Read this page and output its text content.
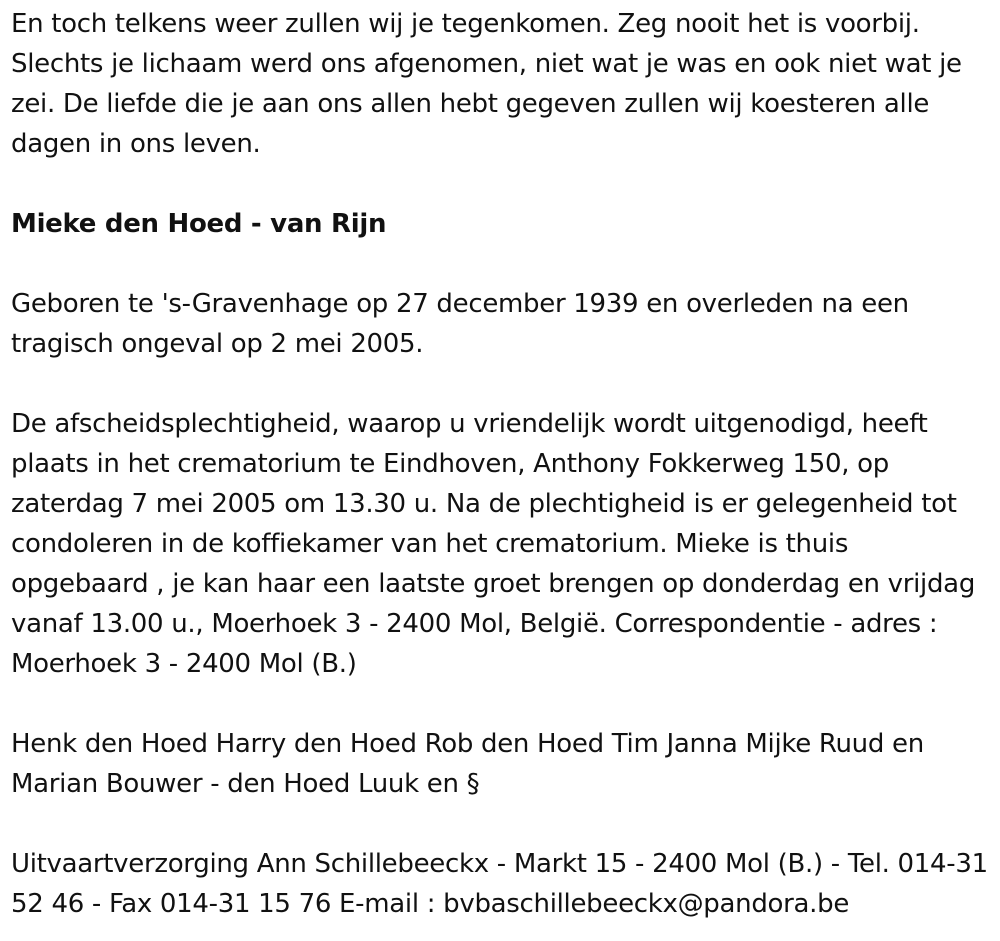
En toch telkens weer zullen wij je tegenkomen. Zeg nooit het is voorbij. Slechts je lichaam werd ons afgenomen, niet wat je was en ook niet wat je zei. De liefde die je aan ons allen hebt gegeven zullen wij koesteren alle dagen in ons leven.

Mieke den Hoed - van Rijn

Geboren te 's-Gravenhage op 27 december 1939 en overleden na een tragisch ongeval op 2 mei 2005.

De afscheidsplechtigheid, waarop u vriendelijk wordt uitgenodigd, heeft plaats in het crematorium te Eindhoven, Anthony Fokkerweg 150, op zaterdag 7 mei 2005 om 13.30 u. Na de plechtigheid is er gelegenheid tot condoleren in de koffiekamer van het crematorium. Mieke is thuis opgebaard , je kan haar een laatste groet brengen op donderdag en vrijdag vanaf 13.00 u., Moerhoek 3 - 2400 Mol, België. Correspondentie - adres : Moerhoek 3 - 2400 Mol (B.)

Henk den Hoed Harry den Hoed Rob den Hoed Tim Janna Mijke Ruud en Marian Bouwer - den Hoed Luuk en §

Uitvaartverzorging Ann Schillebeeckx - Markt 15 - 2400 Mol (B.) - Tel. 014-31 52 46 - Fax 014-31 15 76 E-mail : bvbaschillebeeckx@pandora.be
